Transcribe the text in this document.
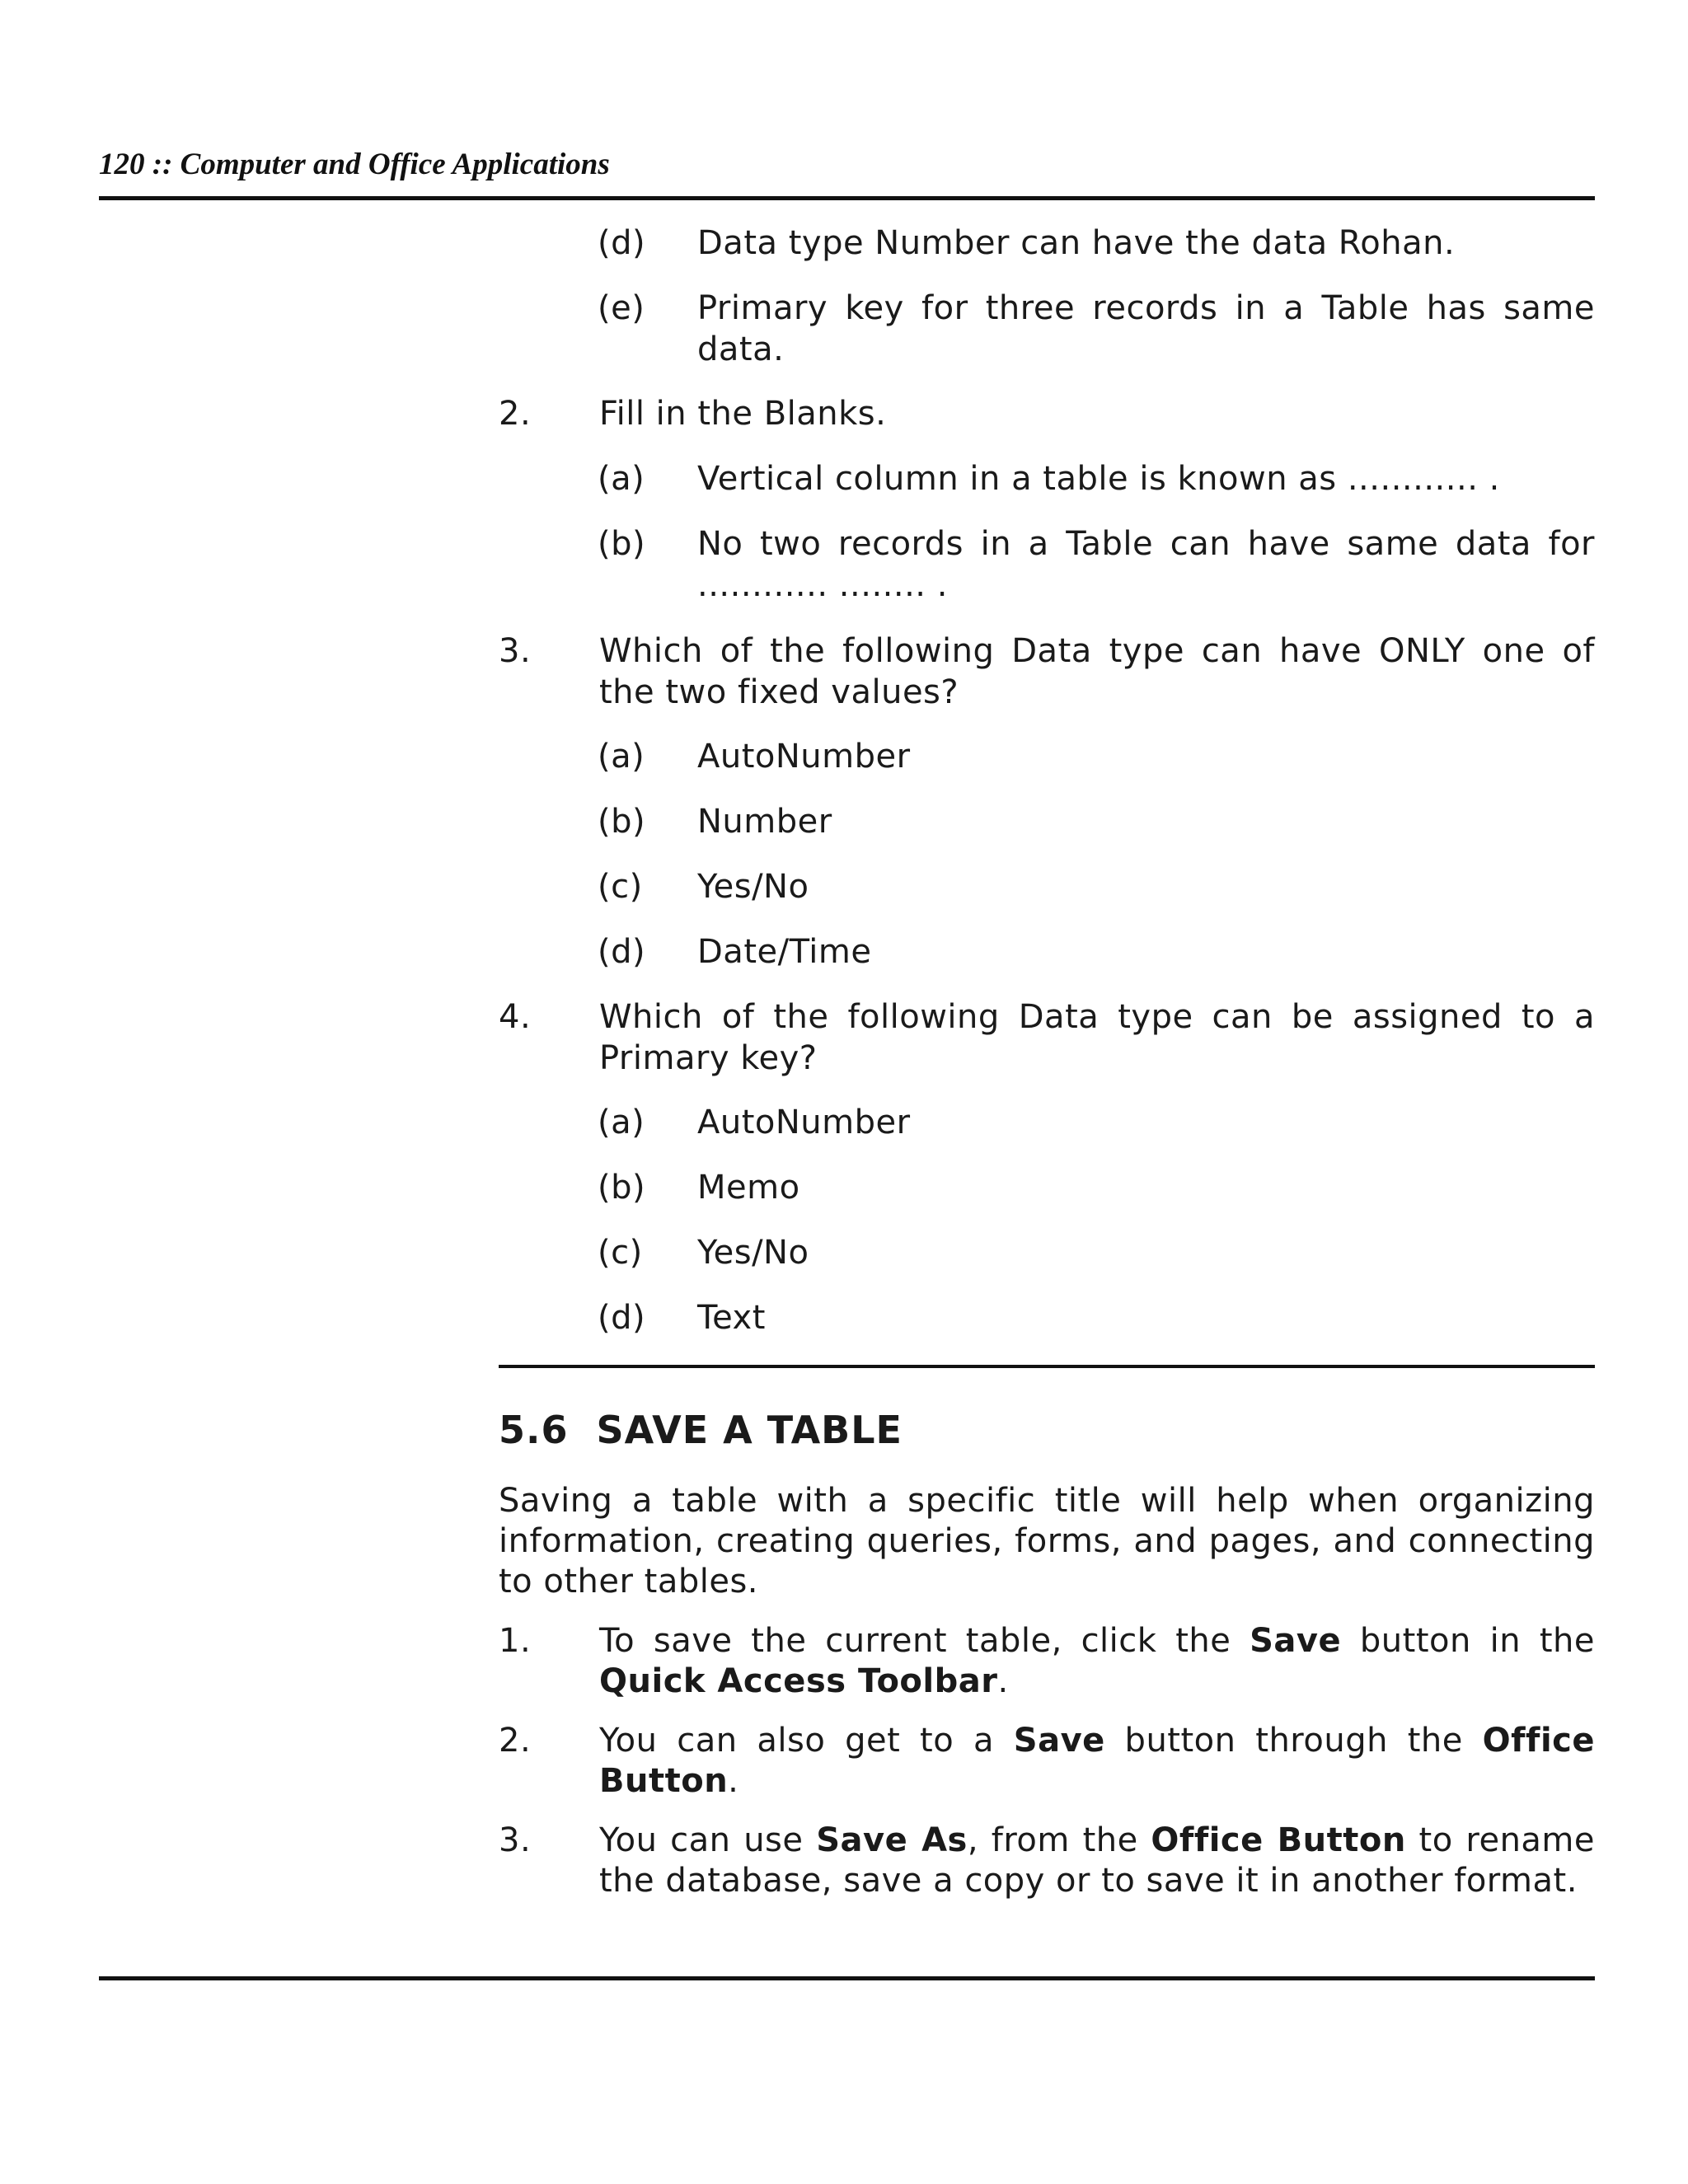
120 :: Computer and Office Applications
(d) Data type Number can have the data Rohan.
(e) Primary key for three records in a Table has same data.
2. Fill in the Blanks.
(a) Vertical column in a table is known as ............ .
(b) No two records in a Table can have same data for ............ ........ .
3. Which of the following Data type can have ONLY one of the two fixed values?
(a) AutoNumber
(b) Number
(c) Yes/No
(d) Date/Time
4. Which of the following Data type can be assigned to a Primary key?
(a) AutoNumber
(b) Memo
(c) Yes/No
(d) Text
5.6  SAVE A TABLE
Saving a table with a specific title will help when organizing information, creating queries, forms, and pages, and connecting to other tables.
1. To save the current table, click the Save button in the Quick Access Toolbar.
2. You can also get to a Save button through the Office Button.
3. You can use Save As, from the Office Button to rename the database, save a copy or to save it in another format.
